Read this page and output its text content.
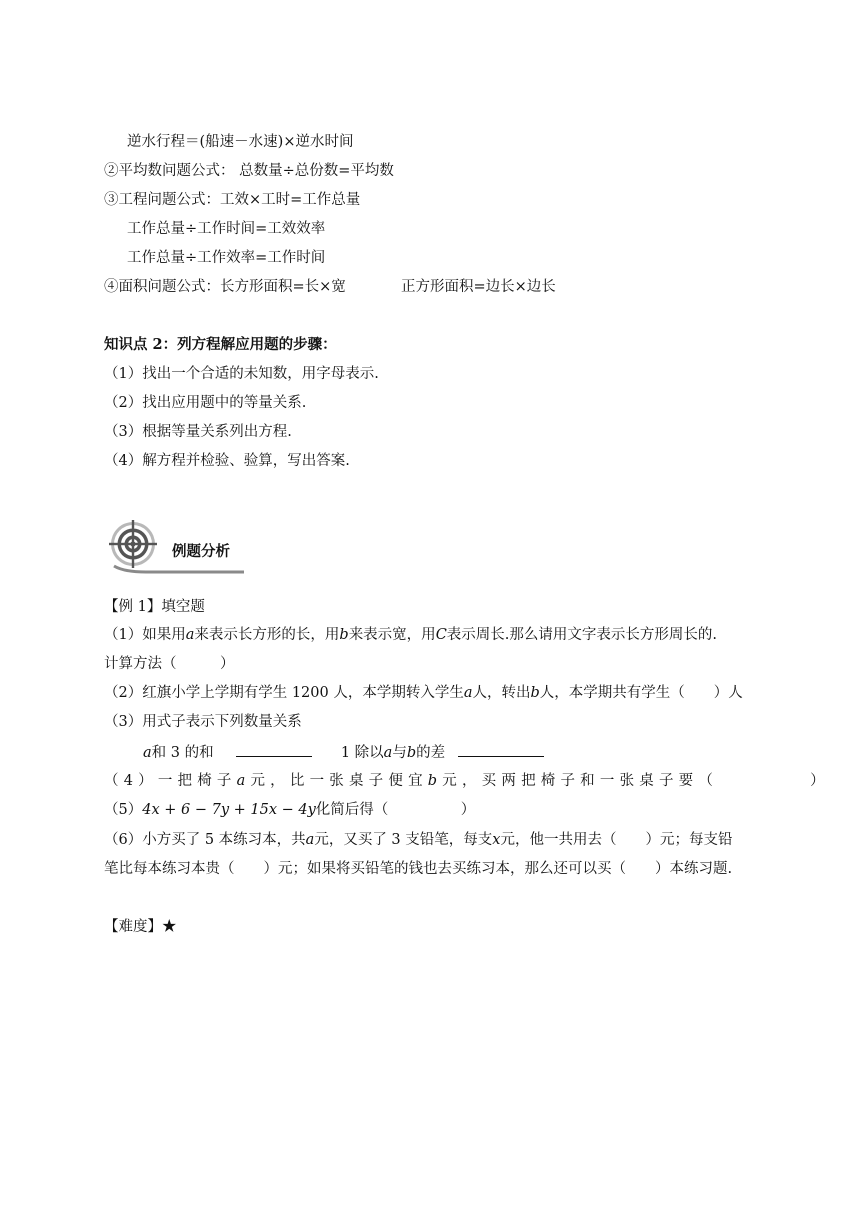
逆水行程＝(船速－水速)×逆水时间
②平均数问题公式： 总数量÷总份数=平均数
③工程问题公式：工效×工时=工作总量
工作总量÷工作时间=工效效率
工作总量÷工作效率=工作时间
④面积问题公式：长方形面积=长×宽	正方形面积=边长×边长
知识点 2：列方程解应用题的步骤：
（1）找出一个合适的未知数，用字母表示.
（2）找出应用题中的等量关系.
（3）根据等量关系列出方程.
（4）解方程并检验、验算，写出答案.
例题分析
【例 1】填空题
（1）如果用a来表示长方形的长，用b来表示宽，用C表示周长.那么请用文字表示长方形周长的.
计算方法（　　　）
（2）红旗小学上学期有学生 1200 人，本学期转入学生a人，转出b人，本学期共有学生（　　）人
（3）用式子表示下列数量关系
a和 3 的和	1 除以a与b的差
（4）一把椅子a元，比一张桌子便宜b元，买两把椅子和一张桌子要（	）
（5）4x + 6 − 7y + 15x − 4y化简后得（　　　　　）
（6）小方买了 5 本练习本，共a元，又买了 3 支铅笔，每支x元，他一共用去（　　）元；每支铅
笔比每本练习本贵（　　）元；如果将买铅笔的钱也去买练习本，那么还可以买（　　）本练习题.
【难度】★
